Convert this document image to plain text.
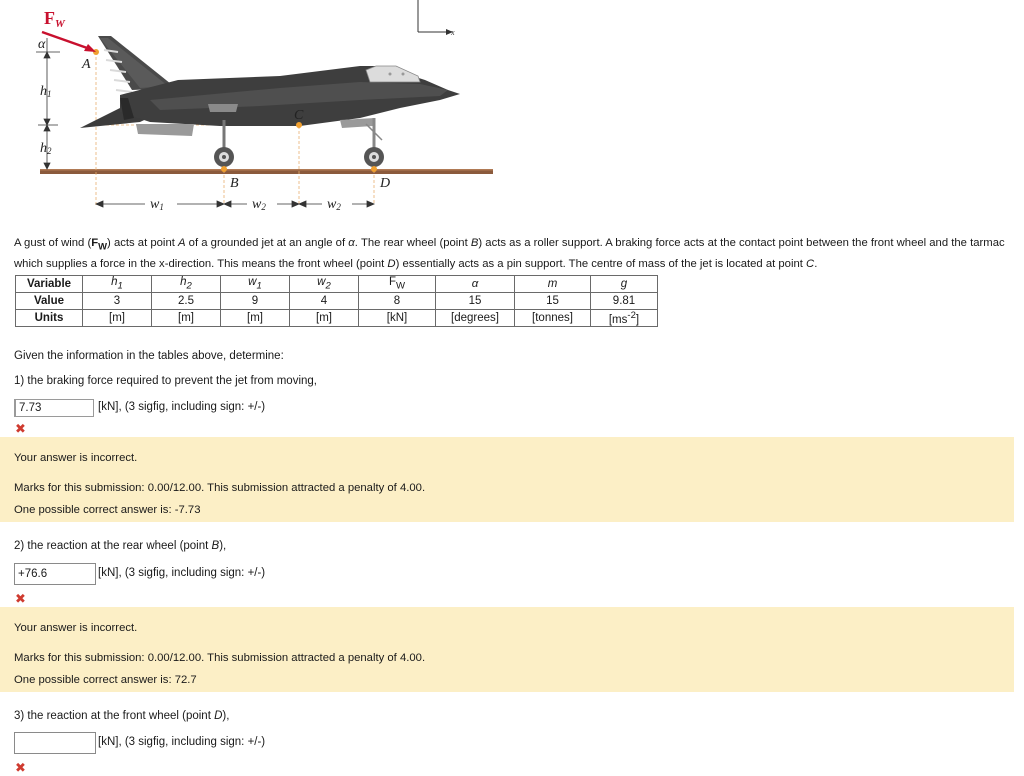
x
FW
α
A
h1
h2
B
C
D
w1	w2	w2
A gust of wind $(F_W)$ acts at point A of a grounded jet at an angle of α. The rear wheel (point B) acts as a roller support. A braking force acts at the contact point between the front wheel and the tarmac which supplies a force in the x-direction. This means the front wheel (point D) essentially acts as a pin support. The centre of mass of the jet is located at point C.
Variable	$h_1$	$h_2$	$w_1$	$w_2$	$F_W$	α	m	g
Value	3	2.5	9	4	8	15	15	9.81
Units	[m]	[m]	[m]	[m]	[kN]	[degrees]	[tonnes]	$[ms^{-2}]$
Given the information in the tables above, determine:
1) the braking force required to prevent the jet from moving,
7.73
[kN], (3 sigfig, including sign: +/-)
✖
Your answer is incorrect.
Marks for this submission: 0.00/12.00. This submission attracted a penalty of 4.00.
One possible correct answer is: -7.73
2) the reaction at the rear wheel (point B),
+76.6
[kN], (3 sigfig, including sign: +/-)
✖
Your answer is incorrect.
Marks for this submission: 0.00/12.00. This submission attracted a penalty of 4.00.
One possible correct answer is: 72.7
3) the reaction at the front wheel (point D),
[kN], (3 sigfig, including sign: +/-)
✖
